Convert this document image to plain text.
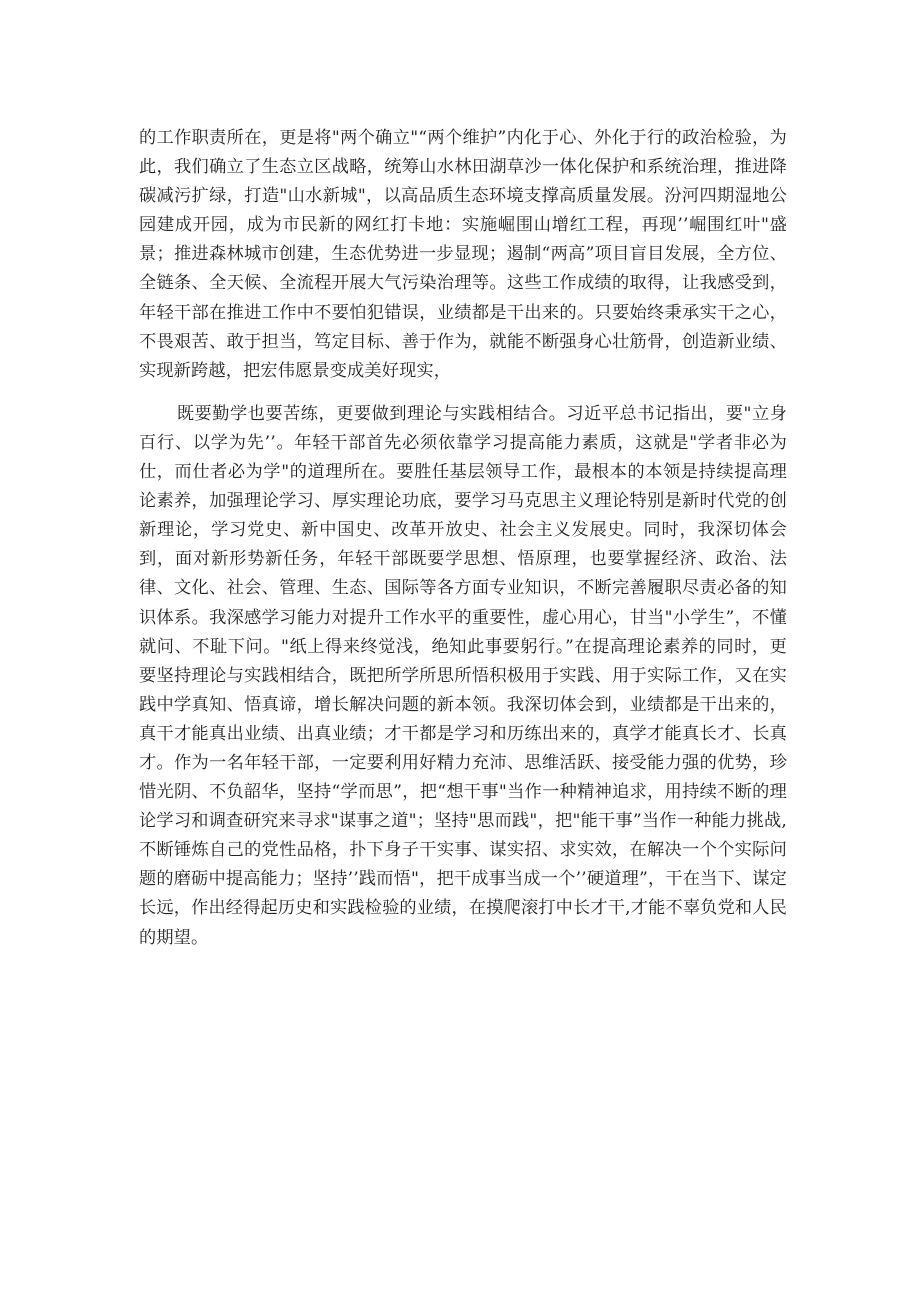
的工作职责所在，更是将"两个确立"“两个维护”内化于心、外化于行的政治检验，为此，我们确立了生态立区战略，统筹山水林田湖草沙一体化保护和系统治理，推进降碳减污扩绿，打造"山水新城"，以高品质生态环境支撑高质量发展。汾河四期湿地公园建成开园，成为市民新的网红打卡地：实施崛围山增红工程，再现’’崛围红叶"盛景；推进森林城市创建，生态优势进一步显现；遏制“两高”项目盲目发展，全方位、全链条、全天候、全流程开展大气污染治理等。这些工作成绩的取得，让我感受到，年轻干部在推进工作中不要怕犯错误，业绩都是干出来的。只要始终秉承实干之心，不畏艰苦、敢于担当，笃定目标、善于作为，就能不断强身心壮筋骨，创造新业绩、实现新跨越，把宏伟愿景变成美好现实，

既要勤学也要苦练，更要做到理论与实践相结合。习近平总书记指出，要"立身百行、以学为先’’。年轻干部首先必须依靠学习提高能力素质，这就是"学者非必为仕，而仕者必为学"的道理所在。要胜任基层领导工作，最根本的本领是持续提高理论素养，加强理论学习、厚实理论功底，要学习马克思主义理论特别是新时代党的创新理论，学习党史、新中国史、改革开放史、社会主义发展史。同时，我深切体会到，面对新形势新任务，年轻干部既要学思想、悟原理，也要掌握经济、政治、法律、文化、社会、管理、生态、国际等各方面专业知识，不断完善履职尽责必备的知识体系。我深感学习能力对提升工作水平的重要性，虚心用心，甘当"小学生”，不懂就问、不耻下问。"纸上得来终觉浅，绝知此事要躬行。”在提高理论素养的同时，更要坚持理论与实践相结合，既把所学所思所悟积极用于实践、用于实际工作，又在实践中学真知、悟真谛，增长解决问题的新本领。我深切体会到，业绩都是干出来的，真干才能真出业绩、出真业绩；才干都是学习和历练出来的，真学才能真长才、长真才。作为一名年轻干部，一定要利用好精力充沛、思维活跃、接受能力强的优势，珍惜光阴、不负韶华，坚持“学而思”，把“想干事"当作一种精神追求，用持续不断的理论学习和调查研究来寻求"谋事之道"；坚持"思而践"，把"能干事”当作一种能力挑战,不断锤炼自己的党性品格，扑下身子干实事、谋实招、求实效，在解决一个个实际问题的磨砺中提高能力；坚持’’践而悟"，把干成事当成一个’’硬道理”，干在当下、谋定长远，作出经得起历史和实践检验的业绩，在摸爬滚打中长才干,才能不辜负党和人民的期望。
